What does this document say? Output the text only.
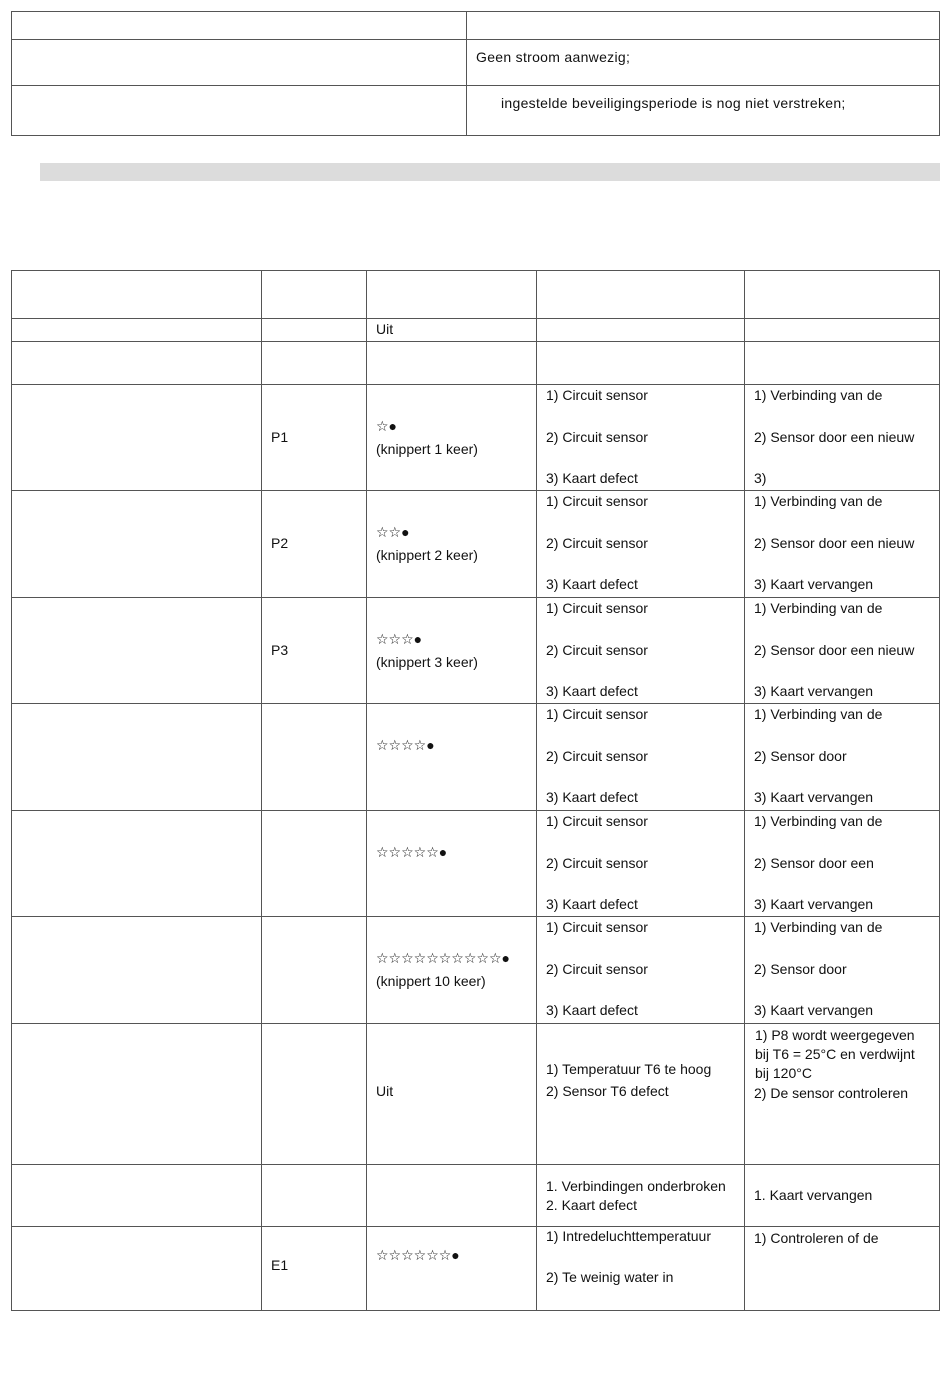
	Geen stroom aanwezig;

	ingestelde beveiligingsperiode is nog niet verstreken;

		Uit		

	P1	☆●
(knippert 1 keer)	1) Circuit sensor
2) Circuit sensor
3) Kaart defect	1) Verbinding van de
2) Sensor door een nieuw
3)

	P2	☆☆●
(knippert 2 keer)	1) Circuit sensor
2) Circuit sensor
3) Kaart defect	1) Verbinding van de
2) Sensor door een nieuw
3) Kaart vervangen

	P3	☆☆☆●
(knippert 3 keer)	1) Circuit sensor
2) Circuit sensor
3) Kaart defect	1) Verbinding van de
2) Sensor door een nieuw
3) Kaart vervangen

		☆☆☆☆●	1) Circuit sensor
2) Circuit sensor
3) Kaart defect	1) Verbinding van de
2) Sensor door
3) Kaart vervangen

		☆☆☆☆☆●	1) Circuit sensor
2) Circuit sensor
3) Kaart defect	1) Verbinding van de
2) Sensor door een
3) Kaart vervangen

		☆☆☆☆☆☆☆☆☆☆●
(knippert 10 keer)	1) Circuit sensor
2) Circuit sensor
3) Kaart defect	1) Verbinding van de
2) Sensor door
3) Kaart vervangen

		Uit	1) Temperatuur T6 te hoog
2) Sensor T6 defect	1) P8 wordt weergegeven bij T6 = 25°C en verdwijnt bij 120°C
2) De sensor controleren

			1. Verbindingen onderbroken
2. Kaart defect	1. Kaart vervangen

	E1	☆☆☆☆☆☆●	1) Intredeluchttemperatuur
2) Te weinig water in	1) Controleren of de
